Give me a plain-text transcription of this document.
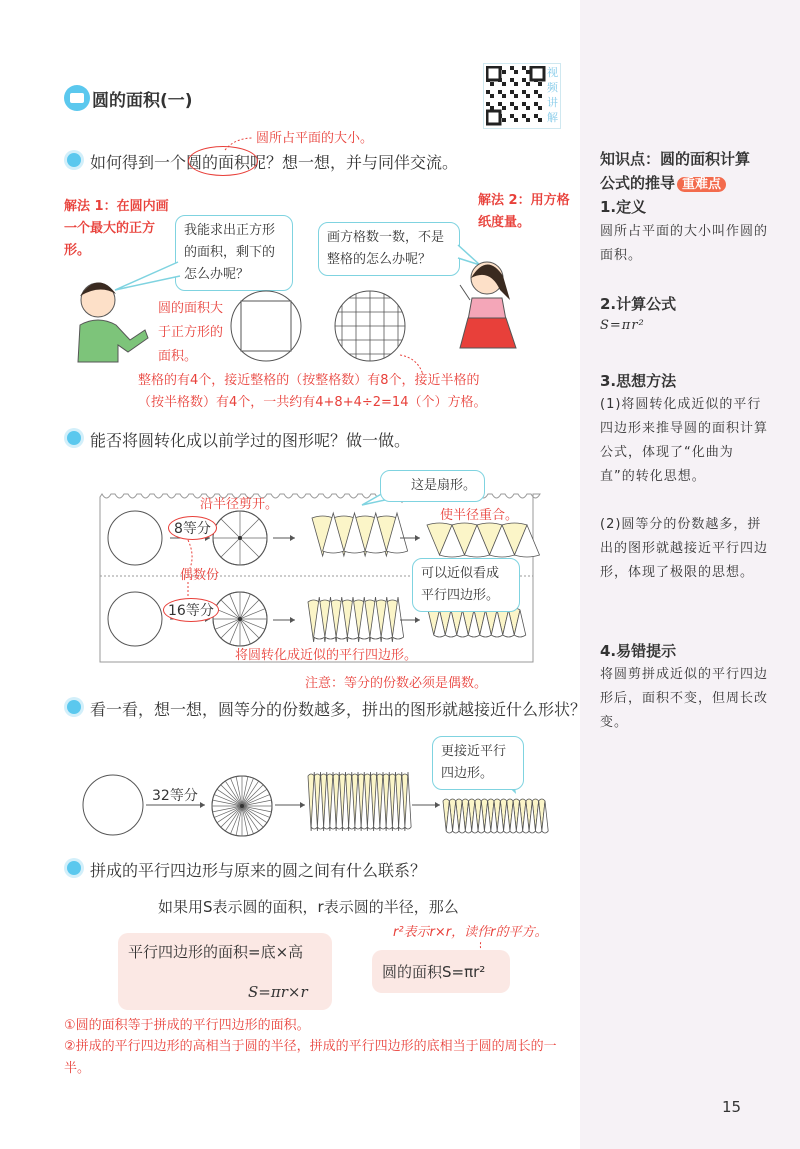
圆的面积(一)
视频讲解
圆所占平面的大小。
如何得到一个圆的面积呢？想一想，并与同伴交流。
解法 1：在圆内画一个最大的正方形。
我能求出正方形的面积，剩下的怎么办呢？
画方格数一数，不是整格的怎么办呢？
解法 2：用方格纸度量。
圆的面积大于正方形的面积。
整格的有4个，接近整格的（按整格数）有8个，接近半格的
（按半格数）有4个，一共约有4+8+4÷2=14（个）方格。
能否将圆转化成以前学过的图形呢？做一做。
这是扇形。
沿半径剪开。
使半径重合。
8等分
偶数份
16等分
可以近似看成平行四边形。
将圆转化成近似的平行四边形。
注意：等分的份数必须是偶数。
看一看，想一想，圆等分的份数越多，拼出的图形就越接近什么形状？
32等分
更接近平行四边形。
拼成的平行四边形与原来的圆之间有什么联系？
如果用S表示圆的面积，r表示圆的半径，那么
平行四边形的面积=底×高
S=πr×r
r²表示r×r，读作r的平方。
圆的面积S=πr²
①圆的面积等于拼成的平行四边形的面积。
②拼成的平行四边形的高相当于圆的半径，拼成的平行四边形的底相当于圆的周长的一半。
知识点：圆的面积计算
公式的推导 重难点
1.定义
圆所占平面的大小叫作圆的面积。
2.计算公式
S=πr²
3.思想方法
(1)将圆转化成近似的平行四边形来推导圆的面积计算公式，体现了“化曲为直”的转化思想。
(2)圆等分的份数越多，拼出的图形就越接近平行四边形，体现了极限的思想。
4.易错提示
将圆剪拼成近似的平行四边形后，面积不变，但周长改变。
15
